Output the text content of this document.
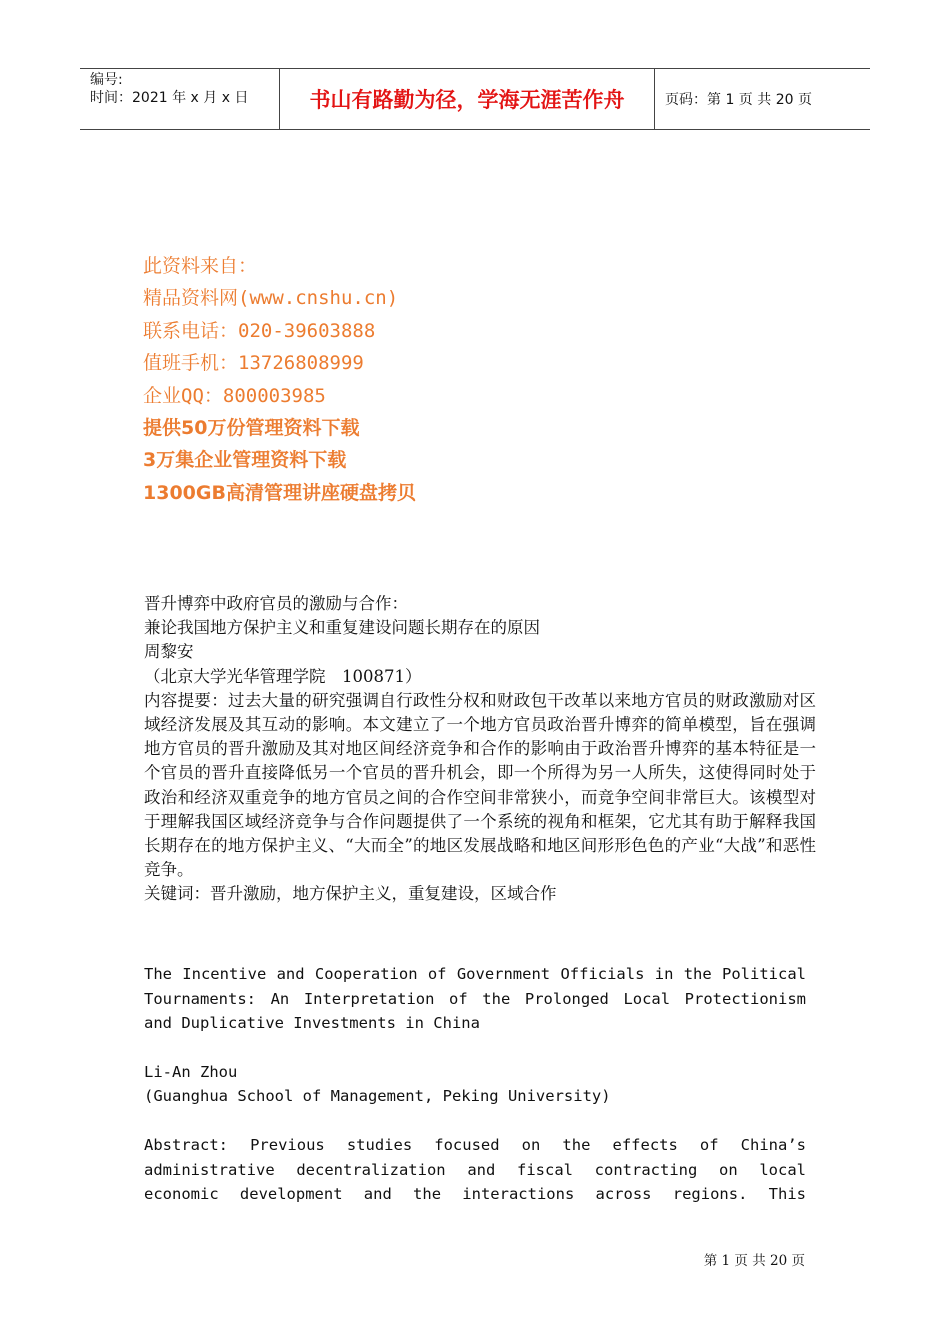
编号:
时间：2021 年 x 月 x 日	书山有路勤为径，学海无涯苦作舟	页码：第 1 页 共 20 页
此资料来自：
精品资料网(www.cnshu.cn)
联系电话：020-39603888
值班手机：13726808999
企业QQ：800003985
提供50万份管理资料下载
3万集企业管理资料下载
1300GB高清管理讲座硬盘拷贝

晋升博弈中政府官员的激励与合作：

兼论我国地方保护主义和重复建设问题长期存在的原因

周黎安

（北京大学光华管理学院　100871）

内容提要：过去大量的研究强调自行政性分权和财政包干改革以来地方官员的财政激励对区域经济发展及其互动的影响。本文建立了一个地方官员政治晋升博弈的简单模型，旨在强调地方官员的晋升激励及其对地区间经济竞争和合作的影响由于政治晋升博弈的基本特征是一个官员的晋升直接降低另一个官员的晋升机会，即一个所得为另一人所失，这使得同时处于政治和经济双重竞争的地方官员之间的合作空间非常狭小，而竞争空间非常巨大。该模型对于理解我国区域经济竞争与合作问题提供了一个系统的视角和框架，它尤其有助于解释我国长期存在的地方保护主义、“大而全”的地区发展战略和地区间形形色色的产业“大战”和恶性竞争。

关键词：晋升激励，地方保护主义，重复建设，区域合作

The Incentive and Cooperation of Government Officials in the Political Tournaments: An Interpretation of the Prolonged Local Protectionism and Duplicative Investments in China

Li-An Zhou

(Guanghua School of Management, Peking University)

Abstract: Previous studies focused on the effects of China’s administrative decentralization and fiscal contracting on local economic development and the interactions across regions. This

第 1 页 共 20 页
